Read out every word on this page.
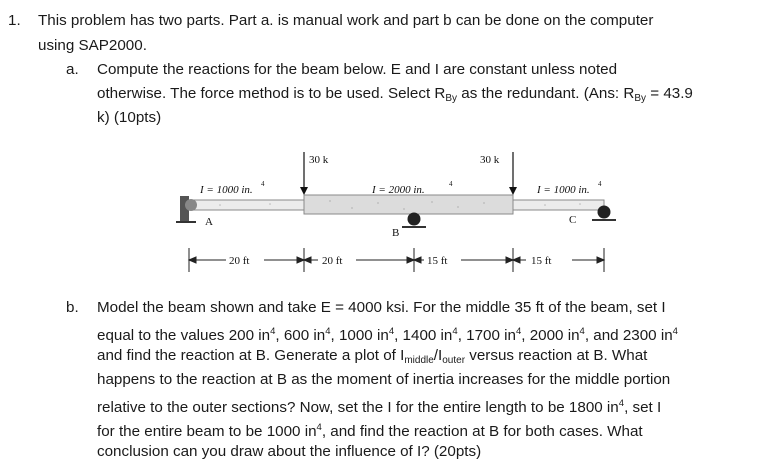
1. This problem has two parts. Part a. is manual work and part b can be done on the computer
using SAP2000.
a. Compute the reactions for the beam below. E and I are constant unless noted
otherwise. The force method is to be used. Select $R_{By}$ as the redundant. (Ans: $R_{By} = 43.9$
k) (10pts)
A
B
C
30 k	30 k
I = 1000 in. 4	I = 2000 in.	4	I = 1000 in. 4
20 ft	20 ft	15 ft	15 ft
b. Model the beam shown and take E = 4000 ksi. For the middle 35 ft of the beam, set I
equal to the values 200 $in^4$, 600 $in^4$, 1000 $in^4$, 1400 $in^4$, 1700 $in^4$, 2000 $in^4$, and 2300 $in^4$
and find the reaction at B. Generate a plot of $I_{middle}/I_{outer}$ versus reaction at B. What
happens to the reaction at B as the moment of inertia increases for the middle portion
relative to the outer sections? Now, set the I for the entire length to be 1800 $in^4$, set I
for the entire beam to be 1000 $in^4$, and find the reaction at B for both cases. What
conclusion can you draw about the influence of I? (20pts)
